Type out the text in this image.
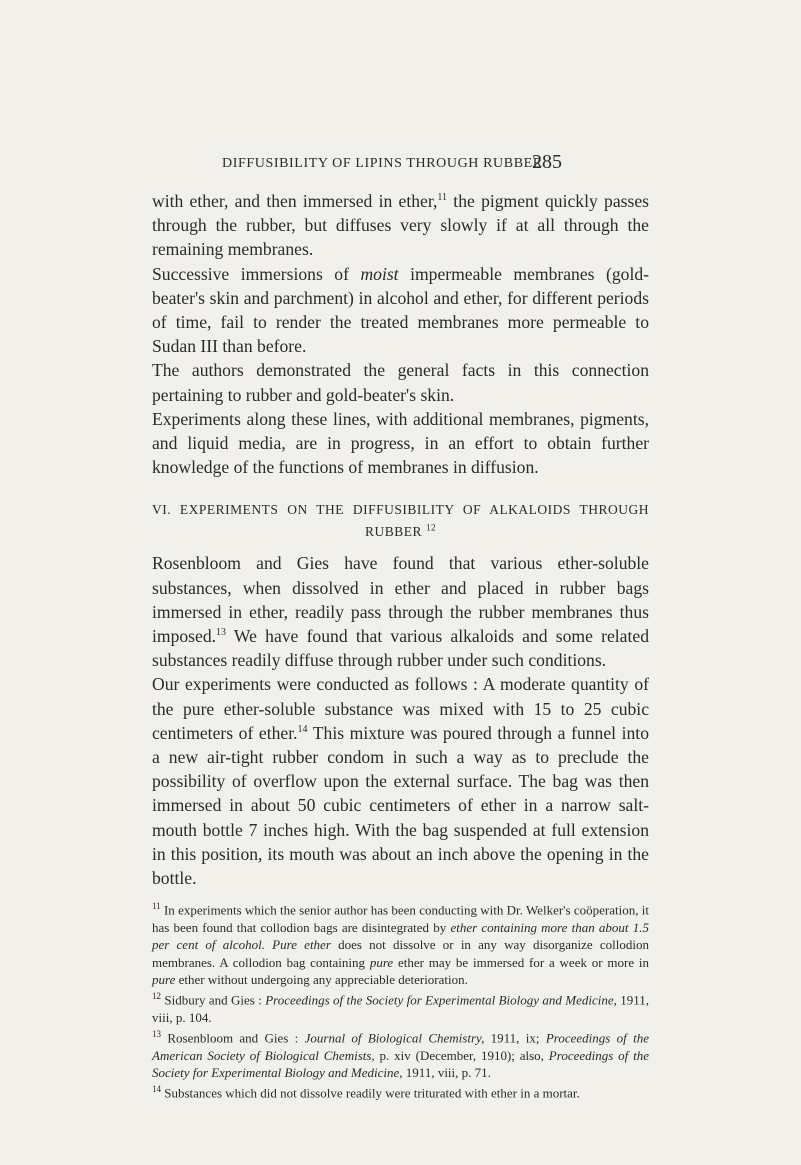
DIFFUSIBILITY OF LIPINS THROUGH RUBBER
285

with ether, and then immersed in ether,$^{11}$ the pigment quickly passes through the rubber, but diffuses very slowly if at all through the remaining membranes.

Successive immersions of moist impermeable membranes (gold-beater's skin and parchment) in alcohol and ether, for different periods of time, fail to render the treated membranes more permeable to Sudan III than before.

The authors demonstrated the general facts in this connection pertaining to rubber and gold-beater's skin.

Experiments along these lines, with additional membranes, pigments, and liquid media, are in progress, in an effort to obtain further knowledge of the functions of membranes in diffusion.

VI. EXPERIMENTS ON THE DIFFUSIBILITY OF ALKALOIDS THROUGH RUBBER $^{12}$

Rosenbloom and Gies have found that various ether-soluble substances, when dissolved in ether and placed in rubber bags immersed in ether, readily pass through the rubber membranes thus imposed.$^{13}$ We have found that various alkaloids and some related substances readily diffuse through rubber under such conditions.

Our experiments were conducted as follows : A moderate quantity of the pure ether-soluble substance was mixed with 15 to 25 cubic centimeters of ether.$^{14}$ This mixture was poured through a funnel into a new air-tight rubber condom in such a way as to preclude the possibility of overflow upon the external surface. The bag was then immersed in about 50 cubic centimeters of ether in a narrow salt-mouth bottle 7 inches high. With the bag suspended at full extension in this position, its mouth was about an inch above the opening in the bottle.

$^{11}$ In experiments which the senior author has been conducting with Dr. Welker's coöperation, it has been found that collodion bags are disintegrated by ether containing more than about 1.5 per cent of alcohol. Pure ether does not dissolve or in any way disorganize collodion membranes. A collodion bag containing pure ether may be immersed for a week or more in pure ether without undergoing any appreciable deterioration.

$^{12}$ Sidbury and Gies : Proceedings of the Society for Experimental Biology and Medicine, 1911, viii, p. 104.

$^{13}$ Rosenbloom and Gies : Journal of Biological Chemistry, 1911, ix; Proceedings of the American Society of Biological Chemists, p. xiv (December, 1910); also, Proceedings of the Society for Experimental Biology and Medicine, 1911, viii, p. 71.

$^{14}$ Substances which did not dissolve readily were triturated with ether in a mortar.
